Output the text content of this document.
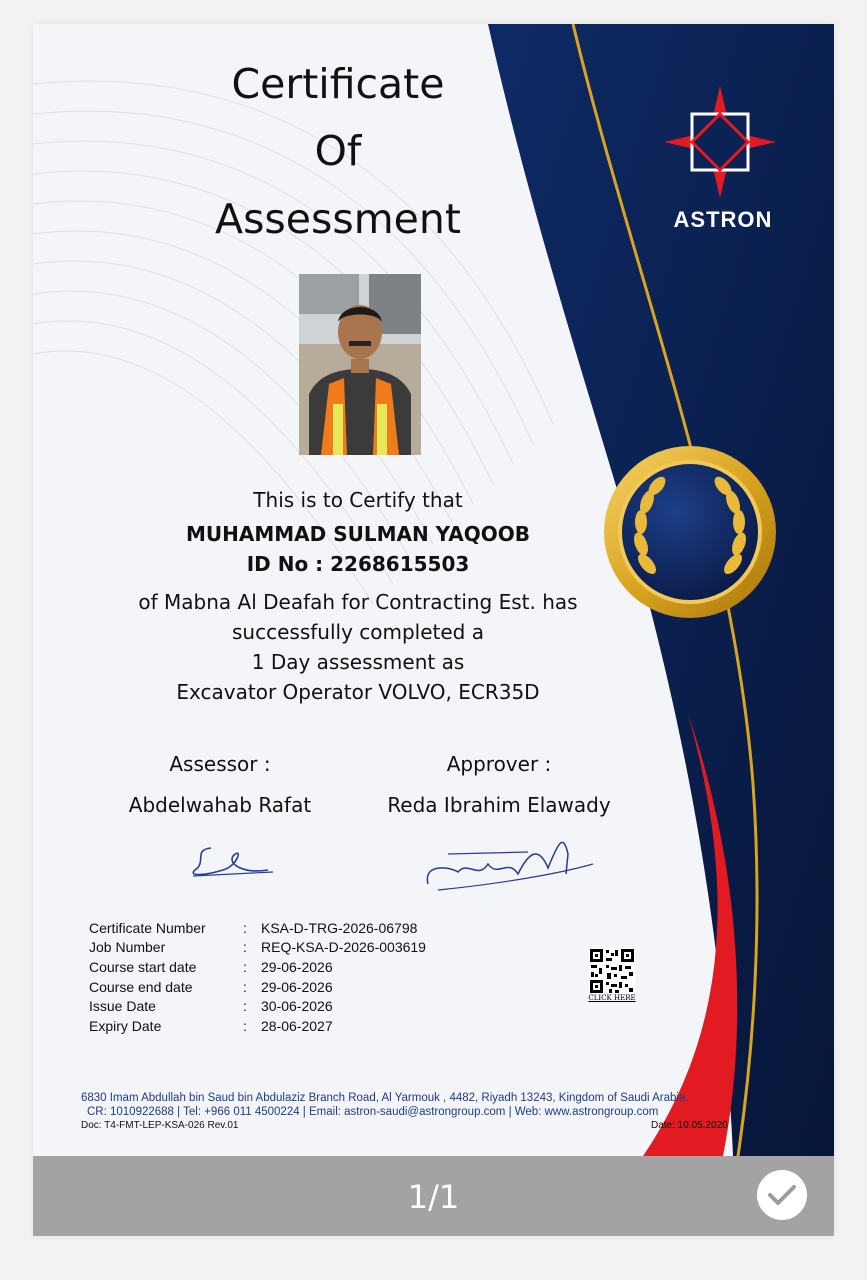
Certificate
Of
Assessment	ASTRON
This is to Certify that
MUHAMMAD SULMAN YAQOOB
ID No : 2268615503
of Mabna Al Deafah for Contracting Est. has
successfully completed a
1 Day assessment as
Excavator Operator VOLVO, ECR35D
Assessor :	Approver :
Abdelwahab Rafat	Reda Ibrahim Elawady
Certificate Number	:	KSA-D-TRG-2026-06798
Job Number	:	REQ-KSA-D-2026-003619
Course start date	:	29-06-2026
Course end date	:	29-06-2026
Issue Date	:	30-06-2026
Expiry Date	:	28-06-2027
CLICK HERE
6830 Imam Abdullah bin Saud bin Abdulaziz Branch Road, Al Yarmouk , 4482, Riyadh 13243, Kingdom of Saudi Arabia.
CR: 1010922688 | Tel: +966 011 4500224 | Email: astron-saudi@astrongroup.com | Web: www.astrongroup.com
Doc: T4-FMT-LEP-KSA-026 Rev.01	Date: 10.05.2020
1/1
